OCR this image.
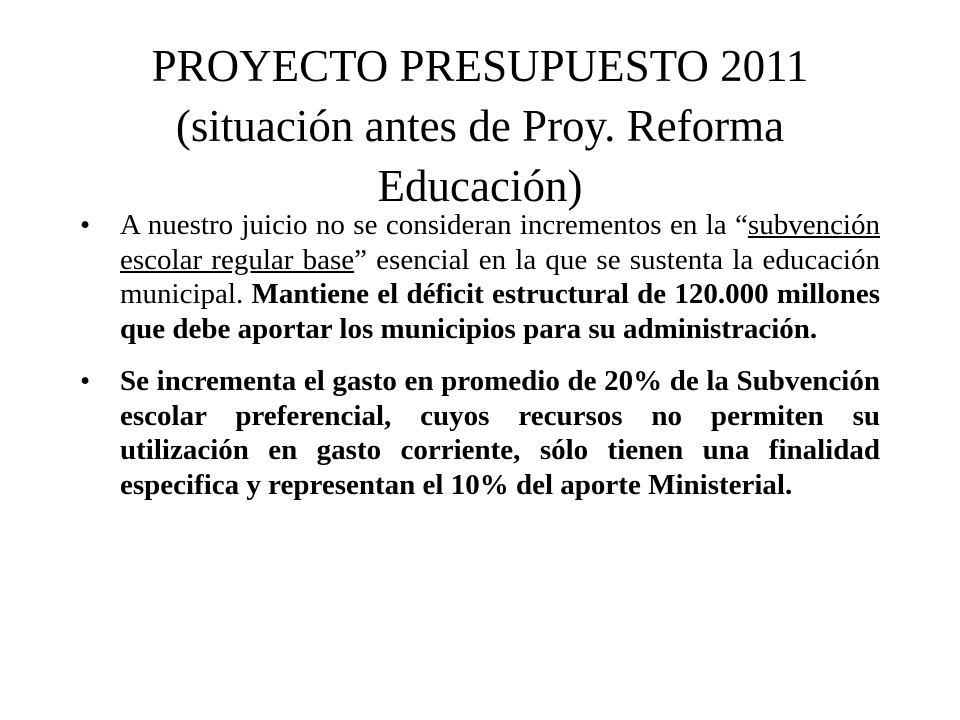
PROYECTO PRESUPUESTO 2011
(situación antes de Proy. Reforma
Educación)
• A nuestro juicio no se consideran incrementos en la “subvención escolar regular base” esencial en la que se sustenta la educación municipal. Mantiene el déficit estructural de 120.000 millones que debe aportar los municipios para su administración.
• Se incrementa el gasto en promedio de 20% de la Subvención escolar preferencial, cuyos recursos no permiten su utilización en gasto corriente, sólo tienen una finalidad especifica y representan el 10% del aporte Ministerial.
